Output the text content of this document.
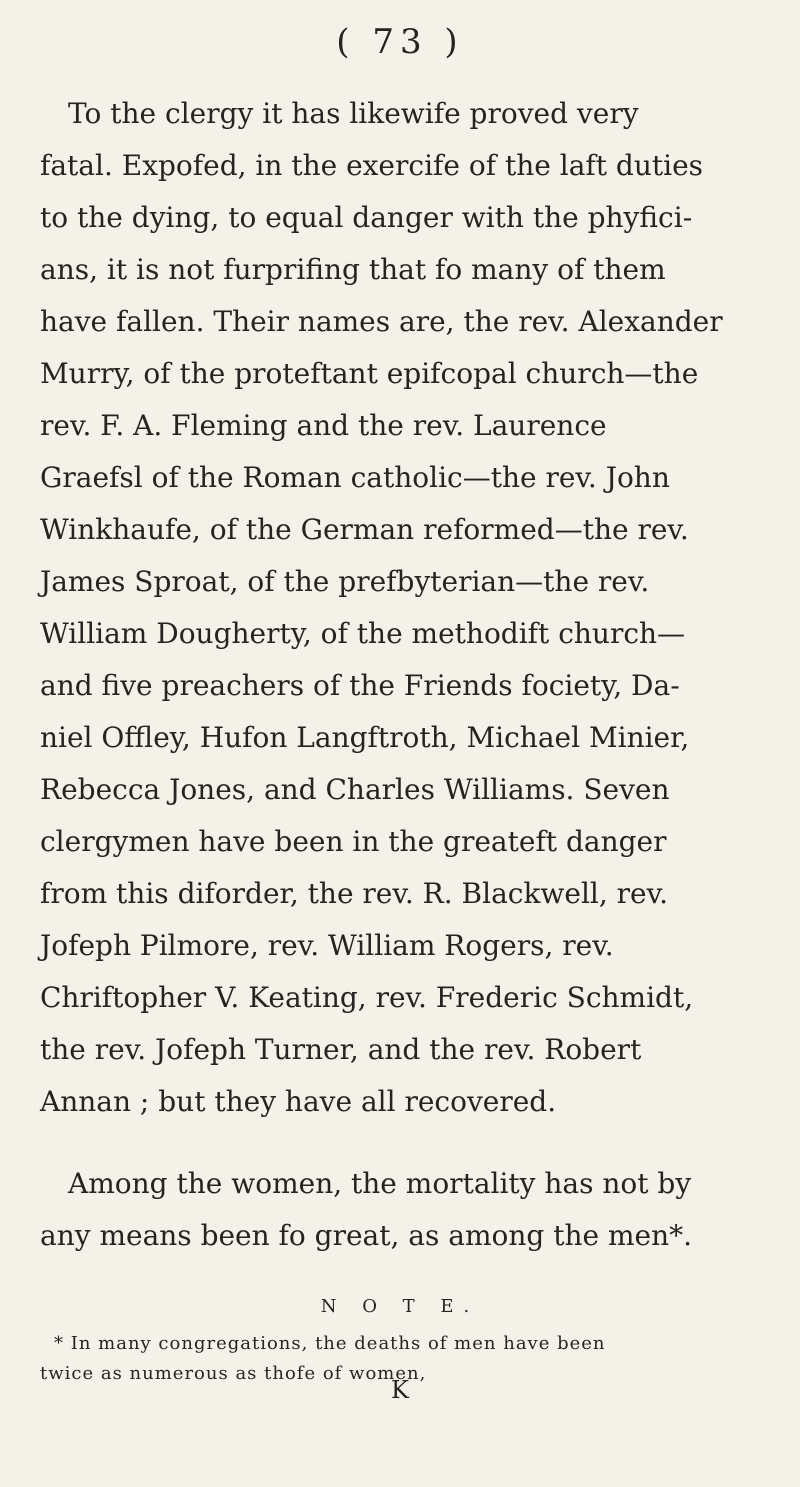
( 73 )
To the clergy it has likewife proved very
fatal. Expofed, in the exercife of the laft duties
to the dying, to equal danger with the phyfici-
ans, it is not furprifing that fo many of them
have fallen. Their names are, the rev. Alexander
Murry, of the proteftant epifcopal church—the
rev. F. A. Fleming and the rev. Laurence
Graefsl of the Roman catholic—the rev. John
Winkhaufe, of the German reformed—the rev.
James Sproat, of the prefbyterian—the rev.
William Dougherty, of the methodift church—
and five preachers of the Friends fociety, Da-
niel Offley, Hufon Langftroth, Michael Minier,
Rebecca Jones, and Charles Williams. Seven
clergymen have been in the greateft danger
from this diforder, the rev. R. Blackwell, rev.
Jofeph Pilmore, rev. William Rogers, rev.
Chriftopher V. Keating, rev. Frederic Schmidt,
the rev. Jofeph Turner, and the rev. Robert
Annan ; but they have all recovered.
Among the women, the mortality has not by
any means been fo great, as among the men*.
N O T E.
* In many congregations, the deaths of men have been
twice as numerous as thofe of women,
K
